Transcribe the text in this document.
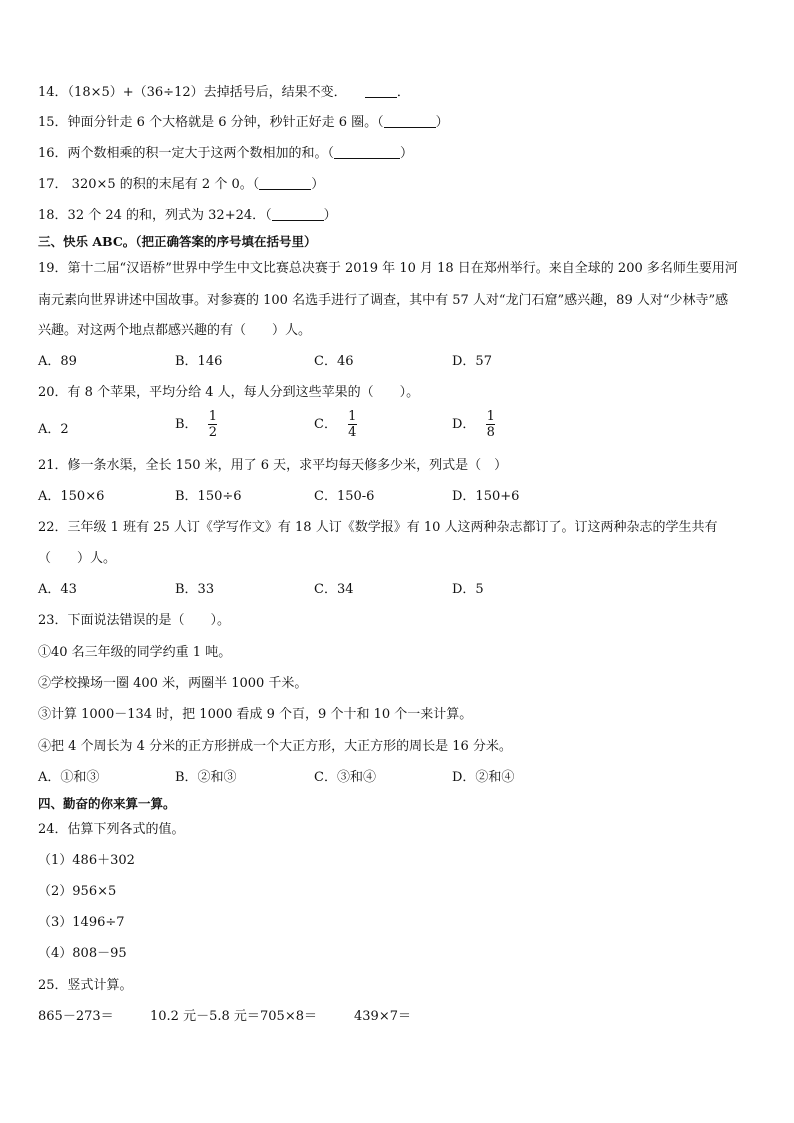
14．（18×5）+（36÷12）去掉括号后，结果不变．	．
15．钟面分针走 6 个大格就是 6 分钟，秒针正好走 6 圈。（	）
16．两个数相乘的积一定大于这两个数相加的和。（	）
17． 320×5 的积的末尾有 2 个 0。（	）
18．32 个 24 的和，列式为 32+24．（	）
三、快乐 ABC。（把正确答案的序号填在括号里）
19．第十二届“汉语桥”世界中学生中文比赛总决赛于 2019 年 10 月 18 日在郑州举行。来自全球的 200 多名师生要用河
南元素向世界讲述中国故事。对参赛的 100 名选手进行了调查，其中有 57 人对“龙门石窟”感兴趣，89 人对“少林寺”感
兴趣。对这两个地点都感兴趣的有（　　）人。
A．89	B．146	C．46	D．57
20．有 8 个苹果，平均分给 4 人，每人分到这些苹果的（　　）。
A．2	B． $\frac{1}{2}$	C． $\frac{1}{4}$	D． $\frac{1}{8}$
21．修一条水渠，全长 150 米，用了 6 天，求平均每天修多少米，列式是（　）
A．150×6	B．150÷6	C．150-6	D．150+6
22．三年级 1 班有 25 人订《学写作文》有 18 人订《数学报》有 10 人这两种杂志都订了。订这两种杂志的学生共有
（　　）人。
A．43	B．33	C．34	D．5
23．下面说法错误的是（　　）。
①40 名三年级的同学约重 1 吨。
②学校操场一圈 400 米，两圈半 1000 千米。
③计算 1000－134 时，把 1000 看成 9 个百，9 个十和 10 个一来计算。
④把 4 个周长为 4 分米的正方形拼成一个大正方形，大正方形的周长是 16 分米。
A．①和③	B．②和③	C．③和④	D．②和④
四、勤奋的你来算一算。
24．估算下列各式的值。
（1）486＋302
（2）956×5
（3）1496÷7
（4）808－95
25．竖式计算。
865－273＝	10.2 元－5.8 元＝ 705×8＝	439×7＝
